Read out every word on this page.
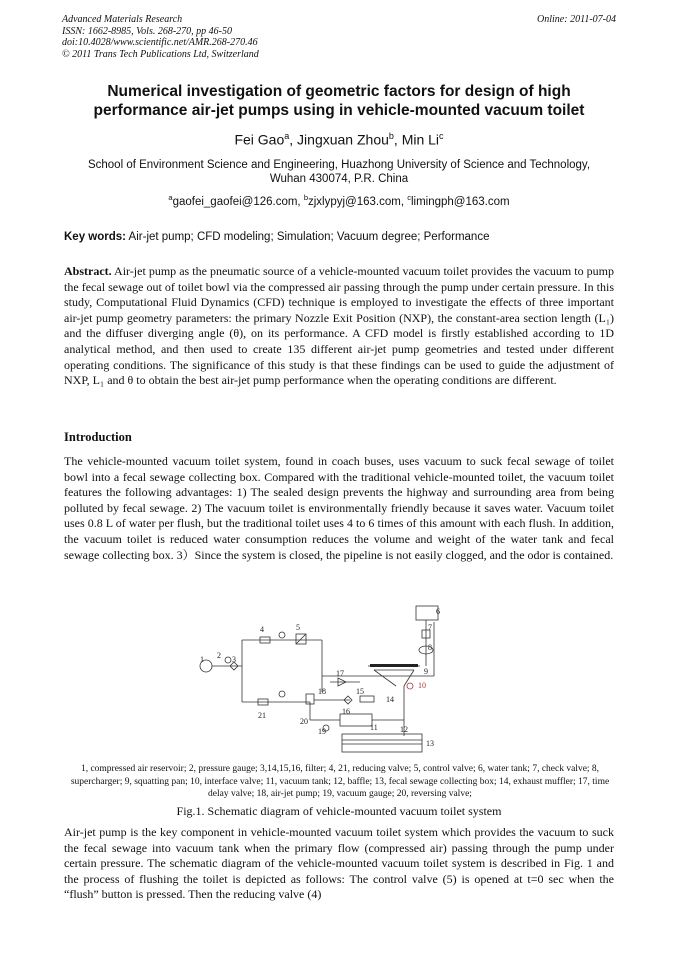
Advanced Materials Research
ISSN: 1662-8985, Vols. 268-270, pp 46-50
doi:10.4028/www.scientific.net/AMR.268-270.46
© 2011 Trans Tech Publications Ltd, Switzerland
Online: 2011-07-04
Numerical investigation of geometric factors for design of high performance air-jet pumps using in vehicle-mounted vacuum toilet
Fei Gao$^a$, Jingxuan Zhou$^b$, Min Li$^c$
School of Environment Science and Engineering, Huazhong University of Science and Technology, Wuhan 430074, P.R. China
$^a$gaofei_gaofei@126.com, $^b$zjxlypyj@163.com, $^c$limingph@163.com
Key words: Air-jet pump; CFD modeling; Simulation; Vacuum degree; Performance
Abstract. Air-jet pump as the pneumatic source of a vehicle-mounted vacuum toilet provides the vacuum to pump the fecal sewage out of toilet bowl via the compressed air passing through the pump under certain pressure. In this study, Computational Fluid Dynamics (CFD) technique is employed to investigate the effects of three important air-jet pump geometry parameters: the primary Nozzle Exit Position (NXP), the constant-area section length (L₁) and the diffuser diverging angle (θ), on its performance. A CFD model is firstly established according to 1D analytical method, and then used to create 135 different air-jet pump geometries and tested under different operating conditions. The significance of this study is that these findings can be used to guide the adjustment of NXP, L₁ and θ to obtain the best air-jet pump performance when the operating conditions are different.
Introduction
The vehicle-mounted vacuum toilet system, found in coach buses, uses vacuum to suck fecal sewage of toilet bowl into a fecal sewage collecting box. Compared with the traditional vehicle-mounted toilet, the vacuum toilet features the following advantages: 1) The sealed design prevents the highway and surrounding area from being polluted by fecal sewage. 2) The vacuum toilet is environmentally friendly because it saves water. Vacuum toilet uses 0.8 L of water per flush, but the traditional toilet uses 4 to 6 times of this amount with each flush. In addition, the vacuum toilet is reduced water consumption reduces the volume and weight of the water tank and fecal sewage collecting box. 3）Since the system is closed, the pipeline is not easily clogged, and the odor is contained.
1 2 3
4	5
6
7
8
9
10
11	12
13
14
15
16
17
18
19
20
21
1, compressed air reservoir; 2, pressure gauge; 3,14,15,16, filter; 4, 21, reducing valve; 5, control valve; 6, water tank; 7, check valve; 8, supercharger; 9, squatting pan; 10, interface valve; 11, vacuum tank; 12, baffle; 13, fecal sewage collecting box; 14, exhaust muffler; 17, time delay valve; 18, air-jet pump; 19, vacuum gauge; 20, reversing valve;
Fig.1. Schematic diagram of vehicle-mounted vacuum toilet system
Air-jet pump is the key component in vehicle-mounted vacuum toilet system which provides the vacuum to suck the fecal sewage into vacuum tank when the primary flow (compressed air) passing through the pump under certain pressure. The schematic diagram of the vehicle-mounted vacuum toilet system is described in Fig. 1 and the process of flushing the toilet is depicted as follows: The control valve (5) is opened at t=0 sec when the “flush” button is pressed. Then the reducing valve (4)
